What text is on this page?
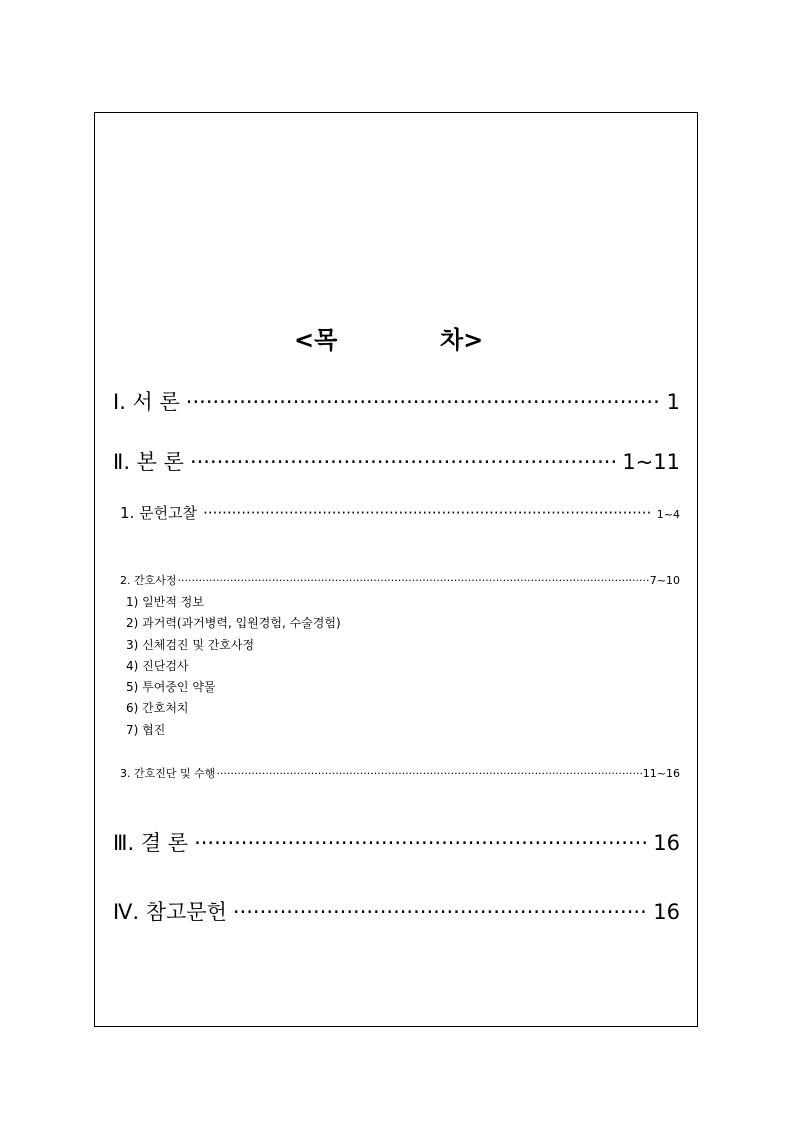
<목	차>
Ⅰ. 서 론 ·····	1
Ⅱ. 본 론 ·····	1~11
1. 문헌고찰 ·····	1~4
2. 간호사정 ·····	7~10
1) 일반적 정보
2) 과거력(과거병력, 입원경험, 수술경험)
3) 신체검진 및 간호사정
4) 진단검사
5) 투여중인 약물
6) 간호처치
7) 협진
3. 간호진단 및 수행 ·····	11~16
Ⅲ. 결 론 ·····	16
Ⅳ. 참고문헌 ·····	16
